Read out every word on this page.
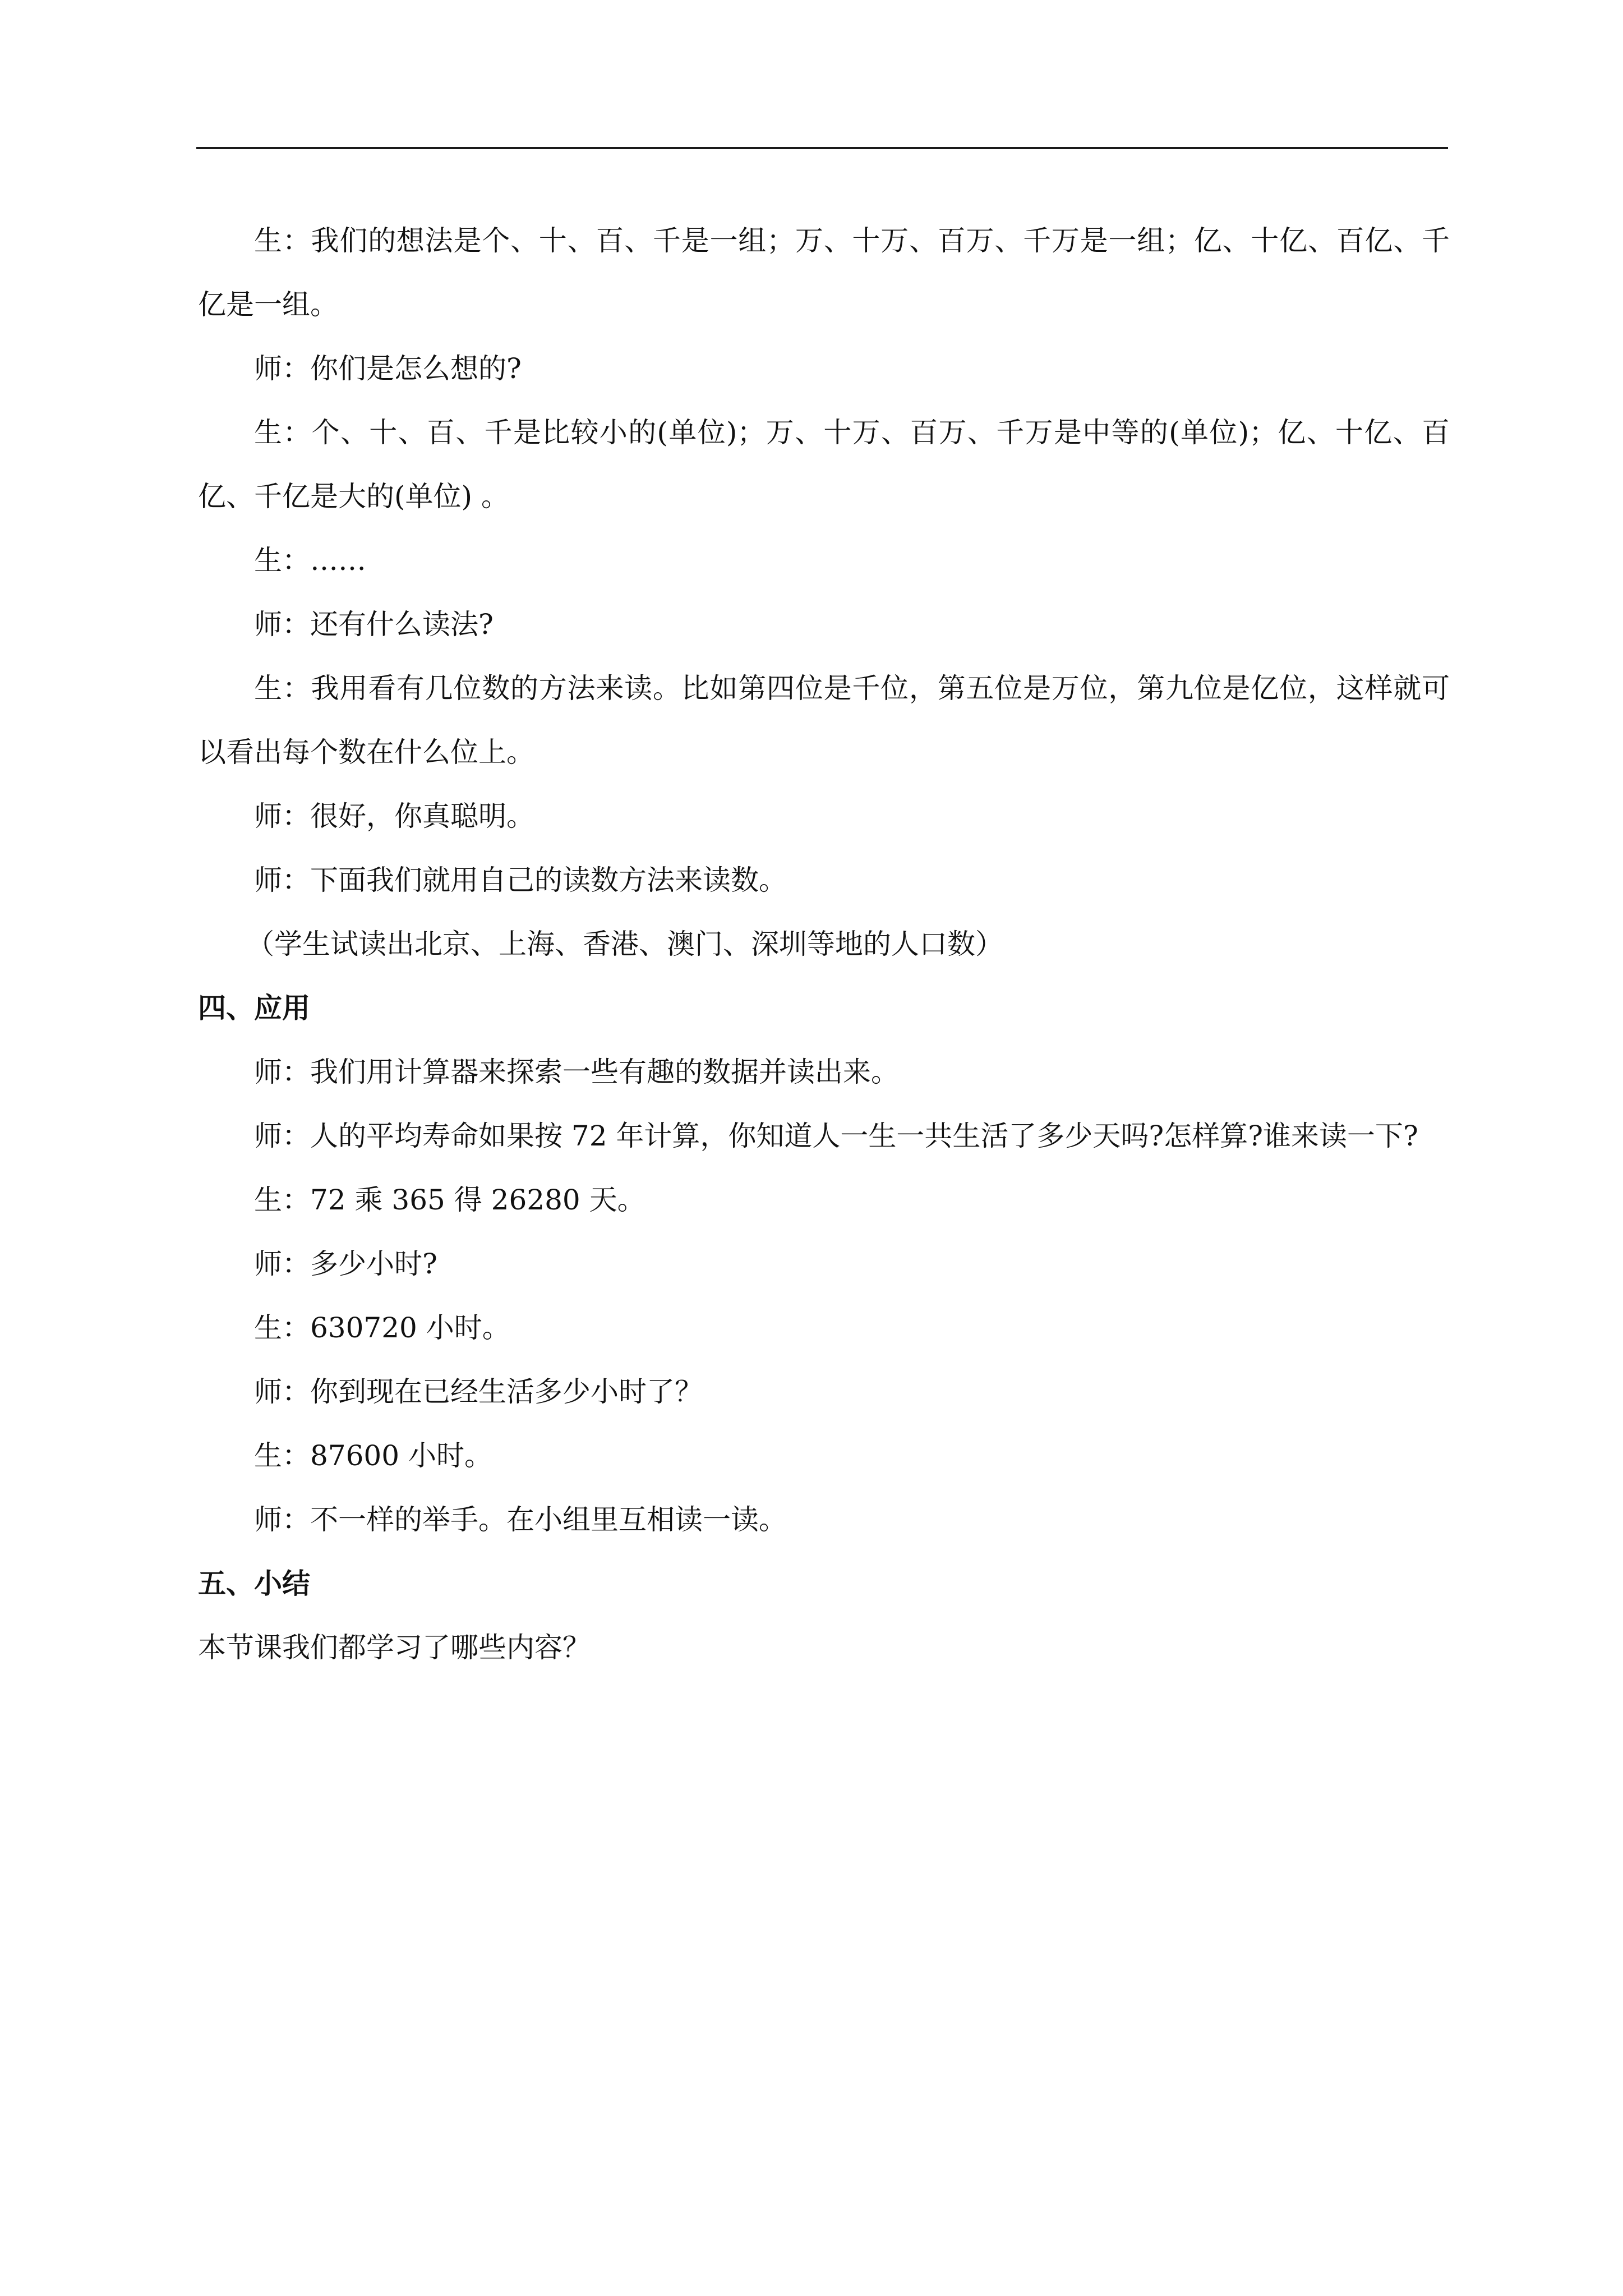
生：我们的想法是个、十、百、千是一组；万、十万、百万、千万是一组；亿、十亿、百亿、千亿是一组。

师：你们是怎么想的?

生：个、十、百、千是比较小的(单位)；万、十万、百万、千万是中等的(单位)；亿、十亿、百亿、千亿是大的(单位) 。

生：……

师：还有什么读法?

生：我用看有几位数的方法来读。比如第四位是千位，第五位是万位，第九位是亿位，这样就可以看出每个数在什么位上。

师：很好，你真聪明。

师：下面我们就用自己的读数方法来读数。

（学生试读出北京、上海、香港、澳门、深圳等地的人口数）

四、应用

师：我们用计算器来探索一些有趣的数据并读出来。

师：人的平均寿命如果按 72 年计算，你知道人一生一共生活了多少天吗?怎样算?谁来读一下?

生：72 乘 365 得 26280 天。

师：多少小时?

生：630720 小时。

师：你到现在已经生活多少小时了？

生：87600 小时。

师：不一样的举手。在小组里互相读一读。

五、小结

本节课我们都学习了哪些内容？
